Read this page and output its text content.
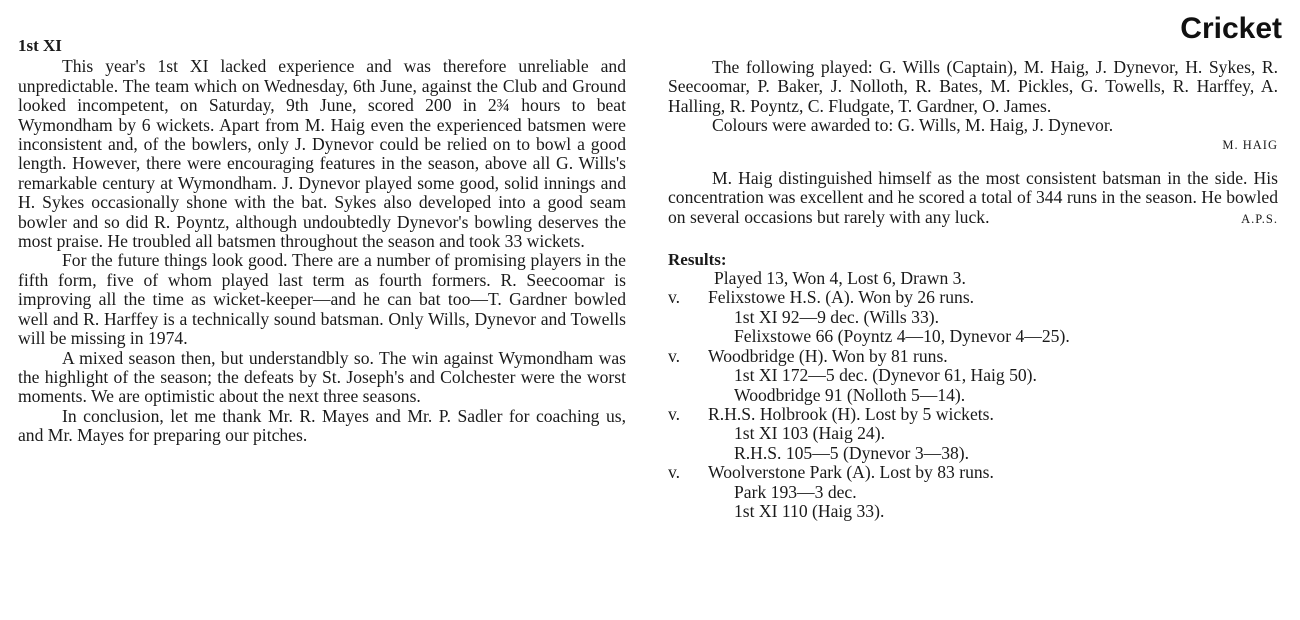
Cricket
1st XI

This year's 1st XI lacked experience and was therefore unreliable and unpredictable. The team which on Wednesday, 6th June, against the Club and Ground looked incompetent, on Saturday, 9th June, scored 200 in 2¾ hours to beat Wymondham by 6 wickets. Apart from M. Haig even the experienced batsmen were inconsistent and, of the bowlers, only J. Dynevor could be relied on to bowl a good length. However, there were encouraging features in the season, above all G. Wills's remarkable century at Wymondham. J. Dynevor played some good, solid innings and H. Sykes occasionally shone with the bat. Sykes also developed into a good seam bowler and so did R. Poyntz, although undoubtedly Dynevor's bowling deserves the most praise. He troubled all batsmen throughout the season and took 33 wickets.

For the future things look good. There are a number of promising players in the fifth form, five of whom played last term as fourth formers. R. Seecoomar is improving all the time as wicket-keeper—and he can bat too—T. Gardner bowled well and R. Harffey is a technically sound batsman. Only Wills, Dynevor and Towells will be missing in 1974.

A mixed season then, but understandbly so. The win against Wymondham was the highlight of the season; the defeats by St. Joseph's and Colchester were the worst moments. We are optimistic about the next three seasons.

In conclusion, let me thank Mr. R. Mayes and Mr. P. Sadler for coaching us, and Mr. Mayes for preparing our pitches.

The following played: G. Wills (Captain), M. Haig, J. Dynevor, H. Sykes, R. Seecoomar, P. Baker, J. Nolloth, R. Bates, M. Pickles, G. Towells, R. Harffey, A. Halling, R. Poyntz, C. Fludgate, T. Gardner, O. James.

Colours were awarded to: G. Wills, M. Haig, J. Dynevor.

M. HAIG

M. Haig distinguished himself as the most consistent batsman in the side. His concentration was excellent and he scored a total of 344 runs in the season. He bowled on several occasions but rarely with any luck.	A.P.S.
Results:
Played 13, Won 4, Lost 6, Drawn 3.
v.	Felixstowe H.S. (A). Won by 26 runs.
1st XI 92—9 dec. (Wills 33).
Felixstowe 66 (Poyntz 4—10, Dynevor 4—25).
v.	Woodbridge (H). Won by 81 runs.
1st XI 172—5 dec. (Dynevor 61, Haig 50).
Woodbridge 91 (Nolloth 5—14).
v.	R.H.S. Holbrook (H). Lost by 5 wickets.
1st XI 103 (Haig 24).
R.H.S. 105—5 (Dynevor 3—38).
v.	Woolverstone Park (A). Lost by 83 runs.
Park 193—3 dec.
1st XI 110 (Haig 33).
